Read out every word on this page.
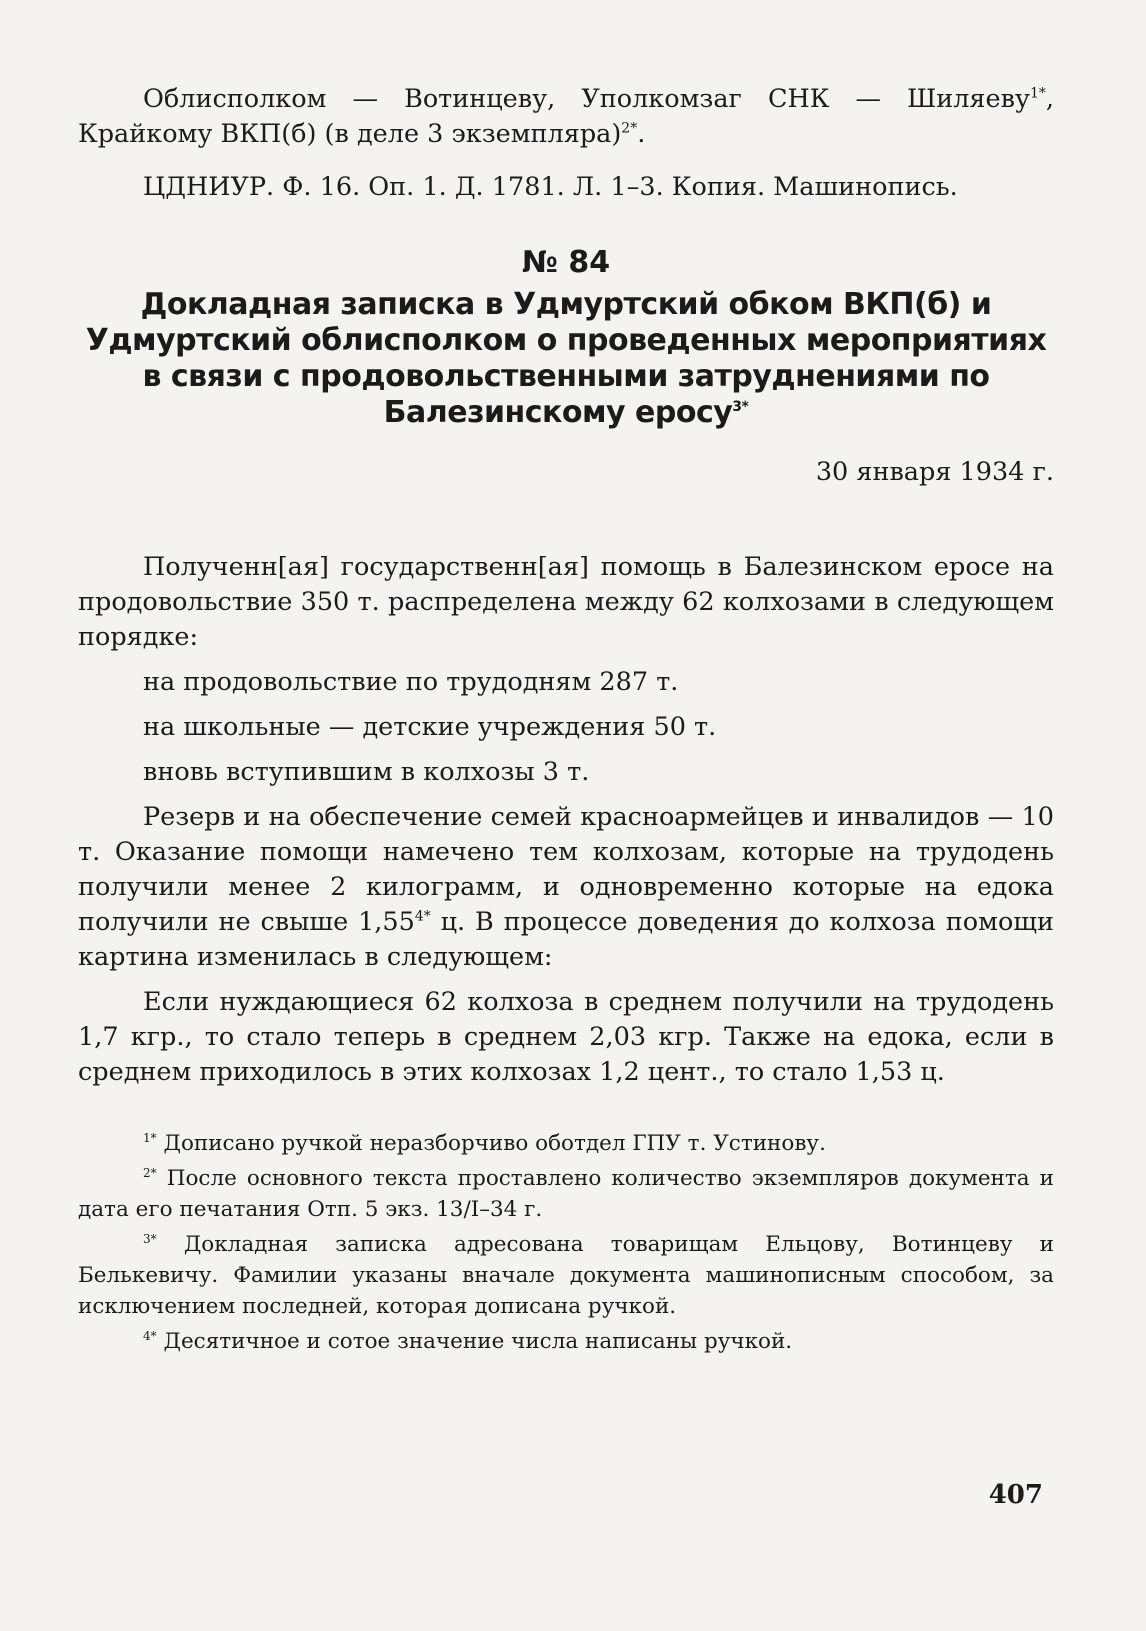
Облисполком — Вотинцеву, Уполкомзаг СНК — Шиляеву$^{1*}$, Крайкому ВКП(б) (в деле 3 экземпляра)$^{2*}$.

ЦДНИУР. Ф. 16. Оп. 1. Д. 1781. Л. 1–3. Копия. Машинопись.

№ 84
Докладная записка в Удмуртский обком ВКП(б) и Удмуртский облисполком о проведенных мероприятиях в связи с продовольственными затруднениями по Балезинскому еросу$^{3*}$

30 января 1934 г.

Полученн[ая] государственн[ая] помощь в Балезинском еросе на продовольствие 350 т. распределена между 62 колхозами в следующем порядке:

на продовольствие по трудодням 287 т.

на школьные — детские учреждения 50 т.

вновь вступившим в колхозы 3 т.

Резерв и на обеспечение семей красноармейцев и инвалидов — 10 т. Оказание помощи намечено тем колхозам, которые на трудодень получили менее 2 килограмм, и одновременно которые на едока получили не свыше $1,55^{4*}$ ц. В процессе доведения до колхоза помощи картина изменилась в следующем:

Если нуждающиеся 62 колхоза в среднем получили на трудодень 1,7 кгр., то стало теперь в среднем 2,03 кгр. Также на едока, если в среднем приходилось в этих колхозах 1,2 цент., то стало 1,53 ц.

$^{1*}$ Дописано ручкой неразборчиво оботдел ГПУ т. Устинову.

$^{2*}$ После основного текста проставлено количество экземпляров документа и дата его печатания Отп. 5 экз. 13/I–34 г.

$^{3*}$ Докладная записка адресована товарищам Ельцову, Вотинцеву и Белькевичу. Фамилии указаны вначале документа машинописным способом, за исключением последней, которая дописана ручкой.

$^{4*}$ Десятичное и сотое значение числа написаны ручкой.

407
